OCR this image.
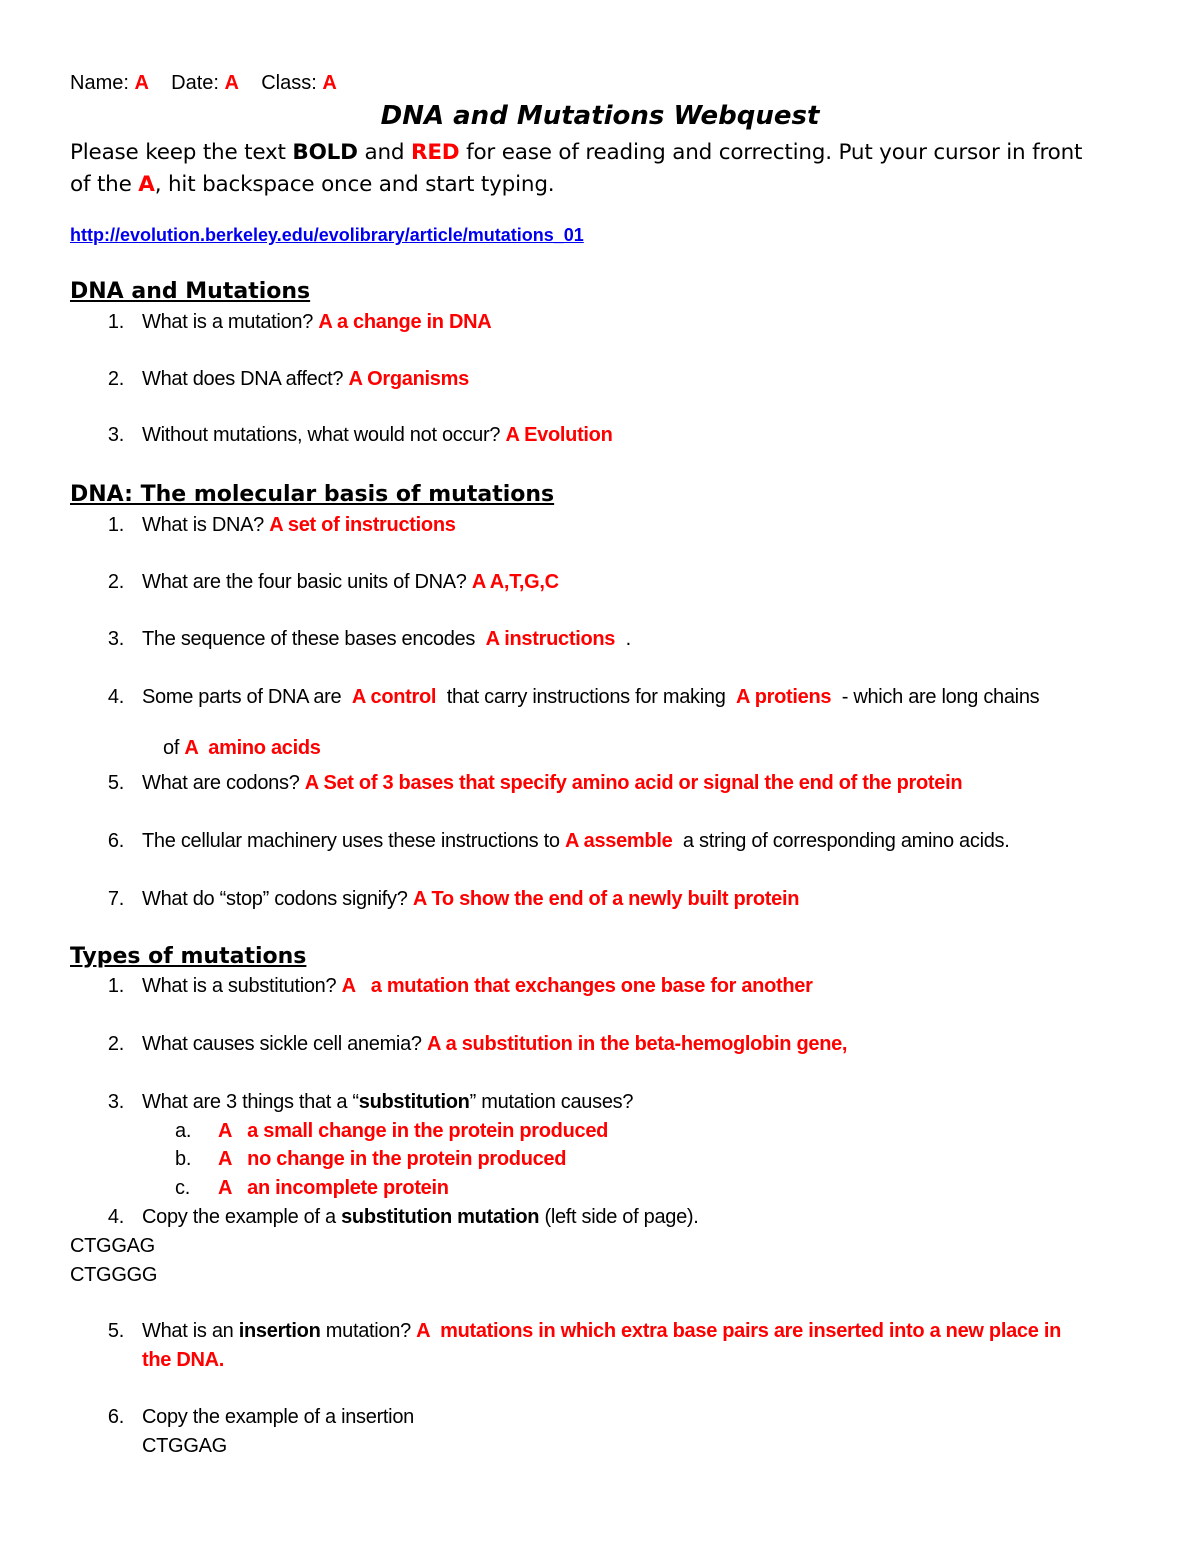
Name: A Date: A Class: A
DNA and Mutations Webquest
Please keep the text BOLD and RED for ease of reading and correcting. Put your cursor in front
of the A, hit backspace once and start typing.
http://evolution.berkeley.edu/evolibrary/article/mutations_01
DNA and Mutations
1. What is a mutation? A a change in DNA
2. What does DNA affect? A Organisms
3. Without mutations, what would not occur? A Evolution
DNA: The molecular basis of mutations
1. What is DNA? A set of instructions
2. What are the four basic units of DNA? A A,T,G,C
3. The sequence of these bases encodes  A instructions  .
4. Some parts of DNA are  A control  that carry instructions for making  A protiens  - which are long chains

of A  amino acids

5. What are codons? A Set of 3 bases that specify amino acid or signal the end of the protein
6. The cellular machinery uses these instructions to A assemble  a string of corresponding amino acids.
7. What do “stop” codons signify? A To show the end of a newly built protein
Types of mutations
1. What is a substitution? A   a mutation that exchanges one base for another
2. What causes sickle cell anemia? A a substitution in the beta-hemoglobin gene,
3. What are 3 things that a “substitution” mutation causes?
a. A   a small change in the protein produced
b. A   no change in the protein produced
c. A   an incomplete protein
4. Copy the example of a substitution mutation (left side of page).
CTGGAG
CTGGGG
5. What is an insertion mutation? A  mutations in which extra base pairs are inserted into a new place in
the DNA.
6. Copy the example of a insertion
CTGGAG
